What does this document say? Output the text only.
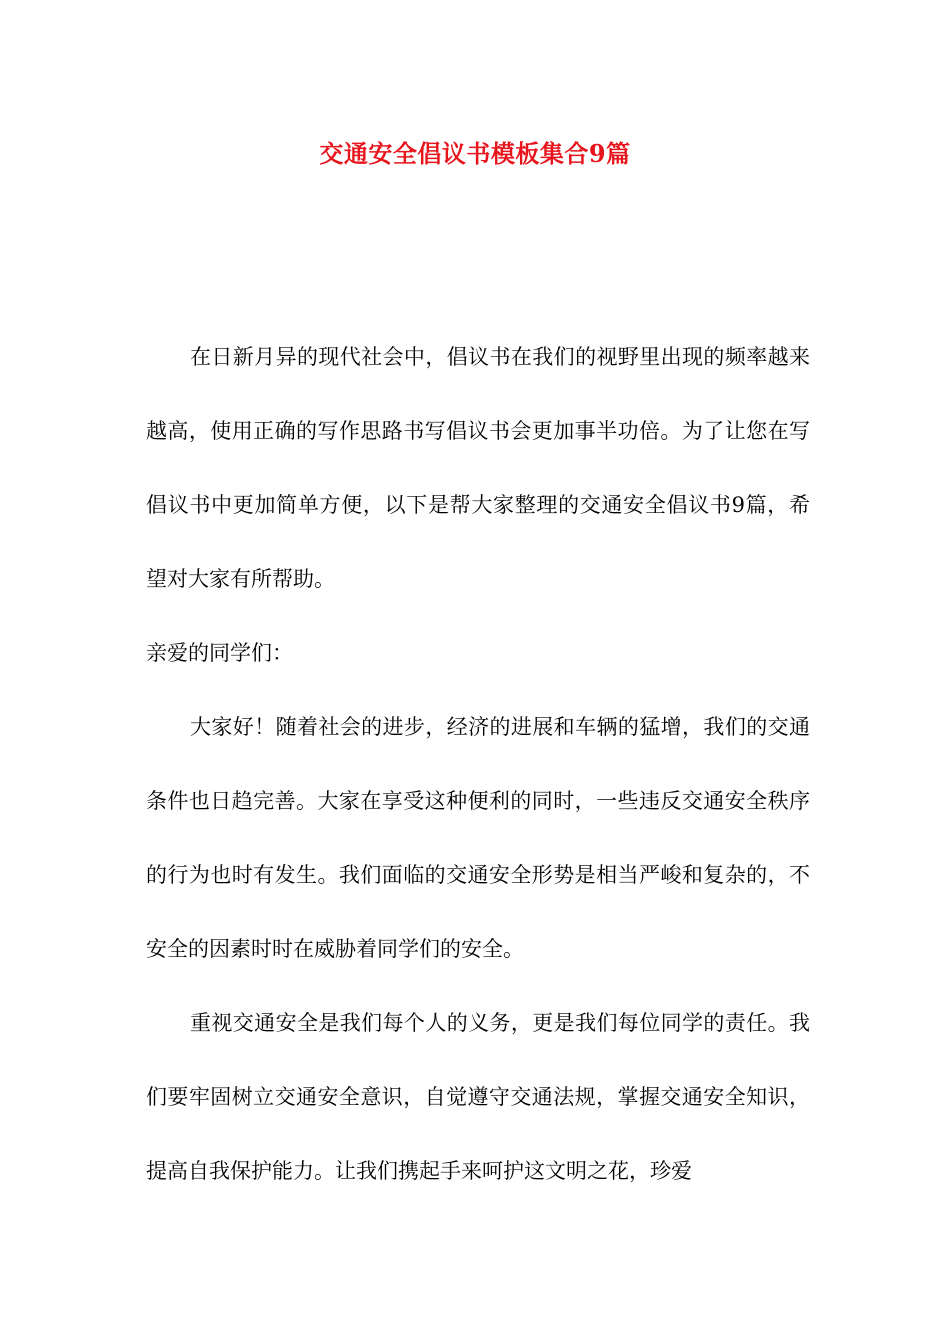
交通安全倡议书模板集合9篇

在日新月异的现代社会中，倡议书在我们的视野里出现的频率越来越高，使用正确的写作思路书写倡议书会更加事半功倍。为了让您在写倡议书中更加简单方便，以下是帮大家整理的交通安全倡议书9篇，希望对大家有所帮助。

亲爱的同学们：

大家好！随着社会的进步，经济的进展和车辆的猛增，我们的交通条件也日趋完善。大家在享受这种便利的同时，一些违反交通安全秩序的行为也时有发生。我们面临的交通安全形势是相当严峻和复杂的，不安全的因素时时在威胁着同学们的安全。

重视交通安全是我们每个人的义务，更是我们每位同学的责任。我们要牢固树立交通安全意识，自觉遵守交通法规，掌握交通安全知识，提高自我保护能力。让我们携起手来呵护这文明之花，珍爱
